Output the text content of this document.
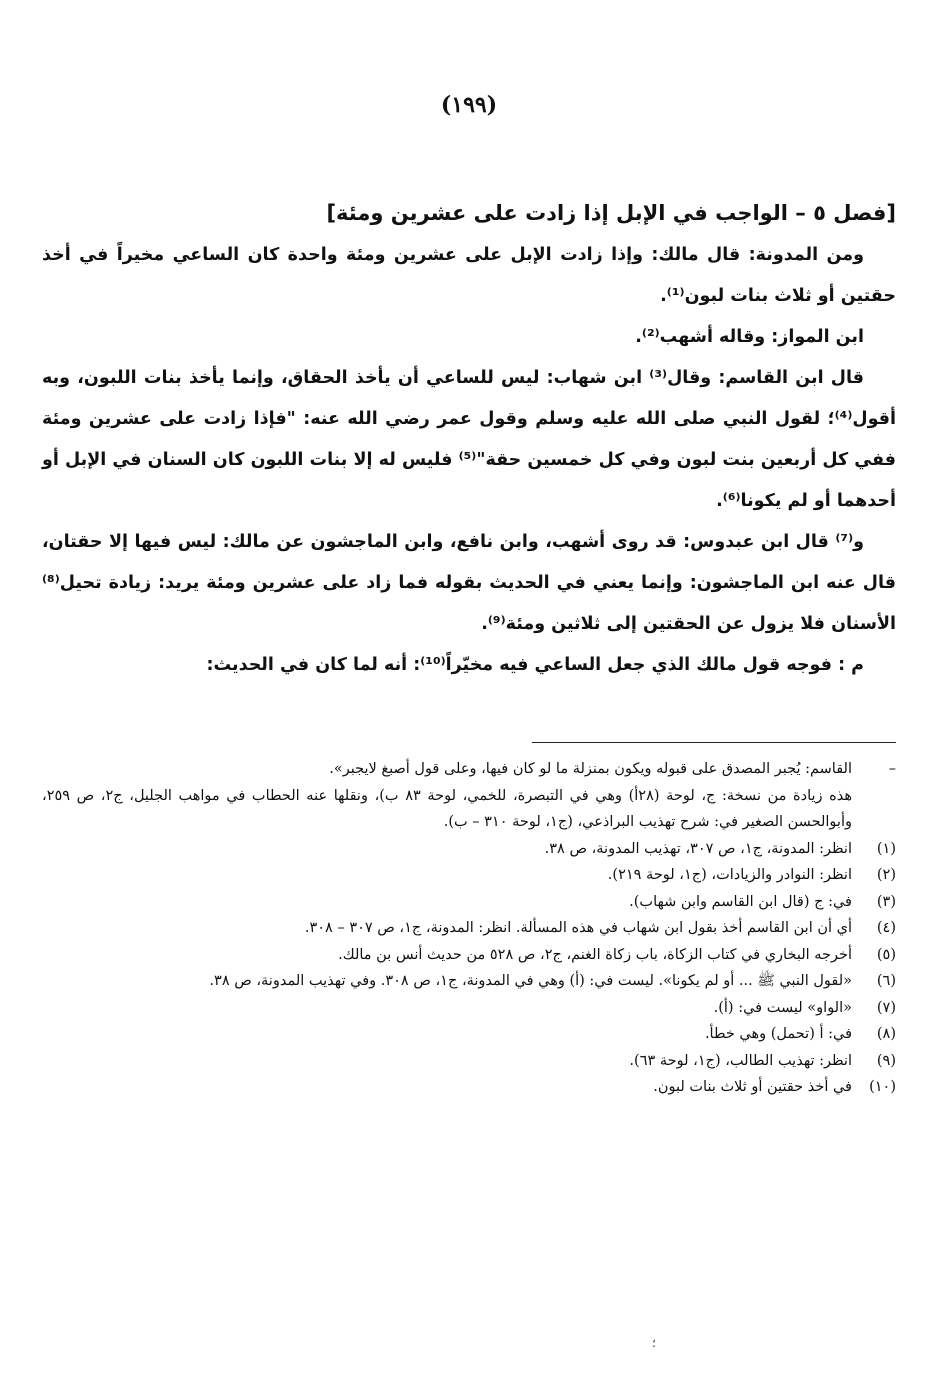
(١٩٩)
[فصل ٥ – الواجب في الإبل إذا زادت على عشرين ومئة]

ومن المدونة: قال مالك: وإذا زادت الإبل على عشرين ومئة واحدة كان الساعي مخيراً في أخذ حقتين أو ثلاث بنات لبون⁽¹⁾.

ابن المواز: وقاله أشهب⁽²⁾.

قال ابن القاسم: وقال⁽³⁾ ابن شهاب: ليس للساعي أن يأخذ الحقاق، وإنما يأخذ بنات اللبون، وبه أقول⁽⁴⁾؛ لقول النبي صلى الله عليه وسلم وقول عمر رضي الله عنه: "فإذا زادت على عشرين ومئة ففي كل أربعين بنت لبون وفي كل خمسين حقة"⁽⁵⁾ فليس له إلا بنات اللبون كان السنان في الإبل أو أحدهما أو لم يكونا⁽⁶⁾.

و⁽⁷⁾ قال ابن عبدوس: قد روى أشهب، وابن نافع، وابن الماجشون عن مالك: ليس فيها إلا حقتان، قال عنه ابن الماجشون: وإنما يعني في الحديث بقوله فما زاد على عشرين ومئة يريد: زيادة تحيل⁽⁸⁾ الأسنان فلا يزول عن الحقتين إلى ثلاثين ومئة⁽⁹⁾.

م : فوجه قول مالك الذي جعل الساعي فيه مخيّراً⁽¹⁰⁾: أنه لما كان في الحديث:

–
القاسم: يُجبر المصدق على قبوله ويكون بمنزلة ما لو كان فيها، وعلى قول أصبغ لايجبر».
هذه زيادة من نسخة: ج، لوحة (٢٨أ) وهي في التبصرة، للخمي، لوحة ٨٣ ب)، ونقلها عنه الحطاب في مواهب الجليل، ج٢، ص ٢٥٩، وأبوالحسن الصغير في: شرح تهذيب البراذعي، (ج١، لوحة ٣١٠ – ب).
(١)
انظر: المدونة، ج١، ص ٣٠٧، تهذيب المدونة، ص ٣٨.
(٢)
انظر: النوادر والزيادات، (ج١، لوحة ٢١٩).
(٣)
في: ج (قال ابن القاسم وابن شهاب).
(٤)
أي أن ابن القاسم أخذ بقول ابن شهاب في هذه المسألة. انظر: المدونة، ج١، ص ٣٠٧ – ٣٠٨.
(٥)
أخرجه البخاري في كتاب الزكاة، باب زكاة الغنم، ج٢، ص ٥٢٨ من حديث أنس بن مالك.
(٦)
«لقول النبي ﷺ ... أو لم يكونا». ليست في: (أ) وهي في المدونة، ج١، ص ٣٠٨. وفي تهذيب المدونة، ص ٣٨.
(٧)
«الواو» ليست في: (أ).
(٨)
في: أ (تحمل) وهي خطأ.
(٩)
انظر: تهذيب الطالب، (ج١، لوحة ٦٣).
(١٠)
في أخذ حقتين أو ثلاث بنات لبون.
؛
